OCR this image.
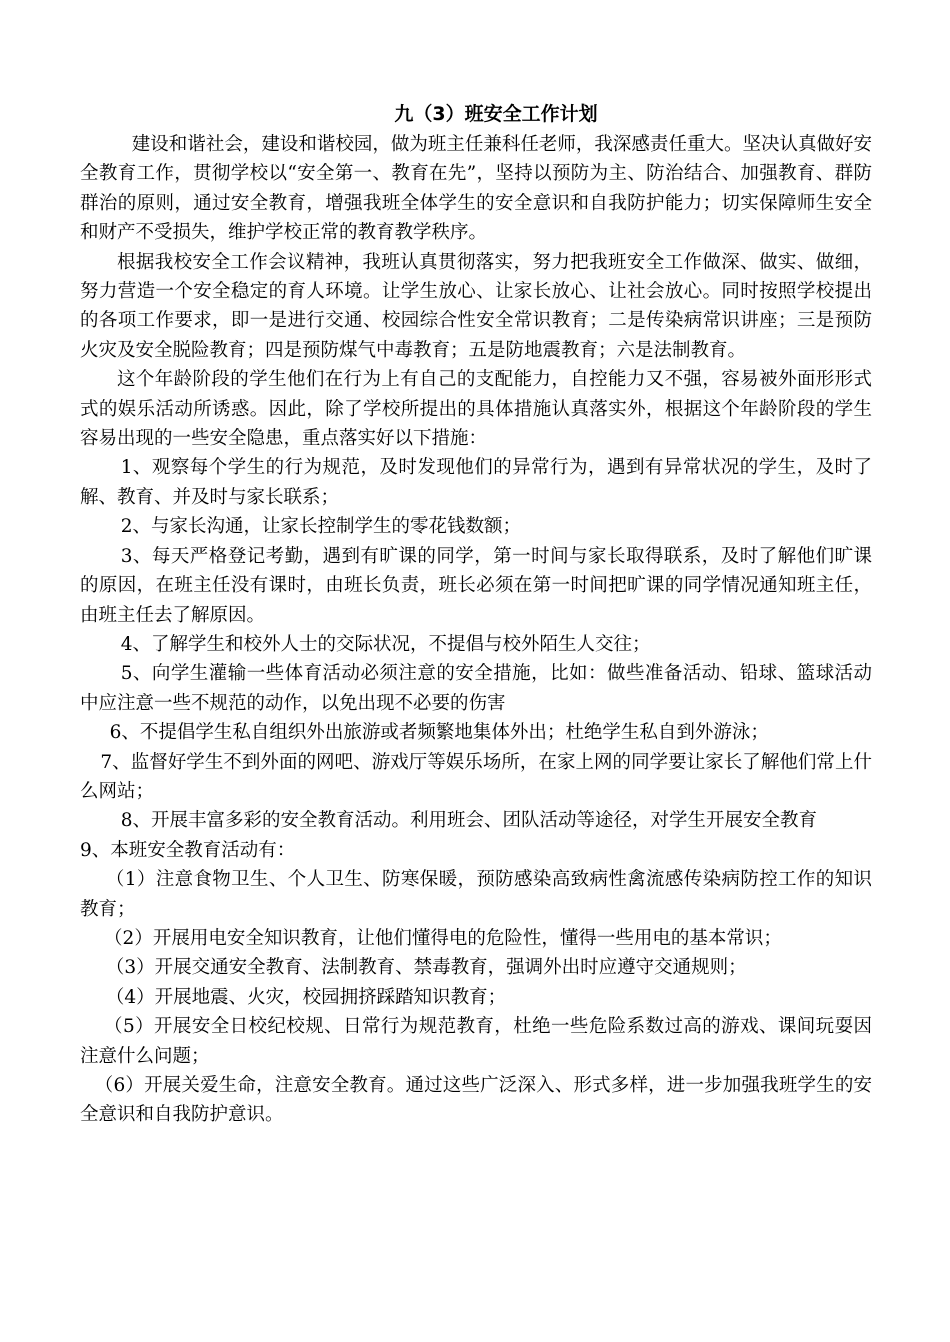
九（3）班安全工作计划

建设和谐社会，建设和谐校园，做为班主任兼科任老师，我深感责任重大。坚决认真做好安全教育工作，贯彻学校以“安全第一、教育在先”，坚持以预防为主、防治结合、加强教育、群防群治的原则，通过安全教育，增强我班全体学生的安全意识和自我防护能力；切实保障师生安全和财产不受损失，维护学校正常的教育教学秩序。

根据我校安全工作会议精神，我班认真贯彻落实，努力把我班安全工作做深、做实、做细，努力营造一个安全稳定的育人环境。让学生放心、让家长放心、让社会放心。同时按照学校提出的各项工作要求，即一是进行交通、校园综合性安全常识教育；二是传染病常识讲座；三是预防火灾及安全脱险教育；四是预防煤气中毒教育；五是防地震教育；六是法制教育。

这个年龄阶段的学生他们在行为上有自己的支配能力，自控能力又不强，容易被外面形形式式的娱乐活动所诱惑。因此，除了学校所提出的具体措施认真落实外，根据这个年龄阶段的学生容易出现的一些安全隐患，重点落实好以下措施：

1、观察每个学生的行为规范，及时发现他们的异常行为，遇到有异常状况的学生，及时了解、教育、并及时与家长联系；

2、与家长沟通，让家长控制学生的零花钱数额；

3、每天严格登记考勤，遇到有旷课的同学，第一时间与家长取得联系，及时了解他们旷课的原因，在班主任没有课时，由班长负责，班长必须在第一时间把旷课的同学情况通知班主任，由班主任去了解原因。

4、了解学生和校外人士的交际状况，不提倡与校外陌生人交往；

5、向学生灌输一些体育活动必须注意的安全措施，比如：做些准备活动、铅球、篮球活动中应注意一些不规范的动作，以免出现不必要的伤害

6、不提倡学生私自组织外出旅游或者频繁地集体外出；杜绝学生私自到外游泳；

7、监督好学生不到外面的网吧、游戏厅等娱乐场所，在家上网的同学要让家长了解他们常上什么网站；

8、开展丰富多彩的安全教育活动。利用班会、团队活动等途径，对学生开展安全教育

9、本班安全教育活动有：

（1）注意食物卫生、个人卫生、防寒保暖，预防感染高致病性禽流感传染病防控工作的知识教育；

（2）开展用电安全知识教育，让他们懂得电的危险性，懂得一些用电的基本常识；

（3）开展交通安全教育、法制教育、禁毒教育，强调外出时应遵守交通规则；

（4）开展地震、火灾，校园拥挤踩踏知识教育；

（5）开展安全日校纪校规、日常行为规范教育，杜绝一些危险系数过高的游戏、课间玩耍因注意什么问题；

（6）开展关爱生命，注意安全教育。通过这些广泛深入、形式多样，进一步加强我班学生的安全意识和自我防护意识。
